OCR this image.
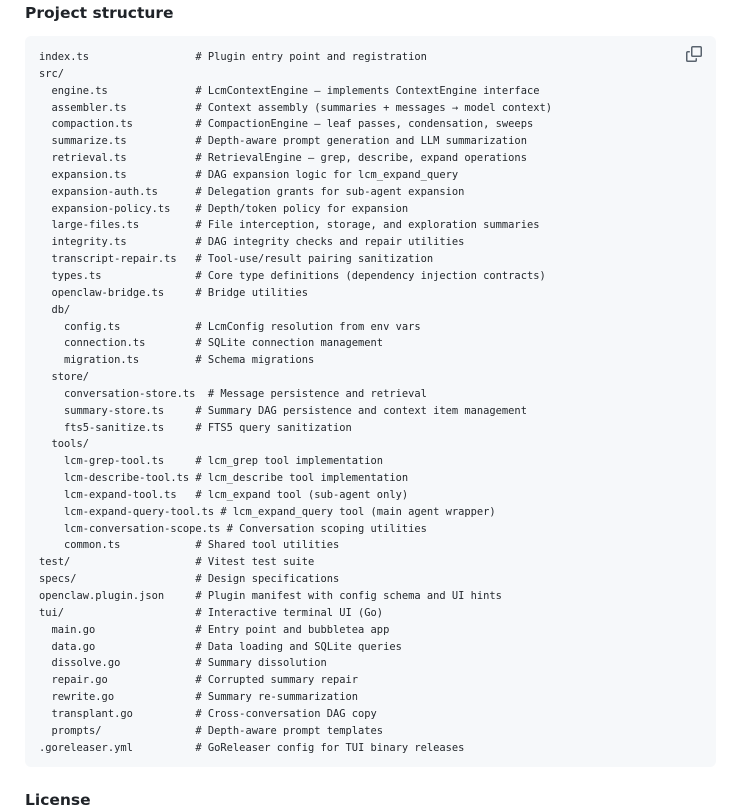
Project structure
index.ts                 # Plugin entry point and registration
src/
engine.ts              # LcmContextEngine — implements ContextEngine interface
assembler.ts           # Context assembly (summaries + messages → model context)
compaction.ts          # CompactionEngine — leaf passes, condensation, sweeps
summarize.ts           # Depth-aware prompt generation and LLM summarization
retrieval.ts           # RetrievalEngine — grep, describe, expand operations
expansion.ts           # DAG expansion logic for lcm_expand_query
expansion-auth.ts      # Delegation grants for sub-agent expansion
expansion-policy.ts    # Depth/token policy for expansion
large-files.ts         # File interception, storage, and exploration summaries
integrity.ts           # DAG integrity checks and repair utilities
transcript-repair.ts   # Tool-use/result pairing sanitization
types.ts               # Core type definitions (dependency injection contracts)
openclaw-bridge.ts     # Bridge utilities
db/
config.ts            # LcmConfig resolution from env vars
connection.ts        # SQLite connection management
migration.ts         # Schema migrations
store/
conversation-store.ts  # Message persistence and retrieval
summary-store.ts     # Summary DAG persistence and context item management
fts5-sanitize.ts     # FTS5 query sanitization
tools/
lcm-grep-tool.ts     # lcm_grep tool implementation
lcm-describe-tool.ts # lcm_describe tool implementation
lcm-expand-tool.ts   # lcm_expand tool (sub-agent only)
lcm-expand-query-tool.ts # lcm_expand_query tool (main agent wrapper)
lcm-conversation-scope.ts # Conversation scoping utilities
common.ts            # Shared tool utilities
test/                    # Vitest test suite
specs/                   # Design specifications
openclaw.plugin.json     # Plugin manifest with config schema and UI hints
tui/                     # Interactive terminal UI (Go)
main.go                # Entry point and bubbletea app
data.go                # Data loading and SQLite queries
dissolve.go            # Summary dissolution
repair.go              # Corrupted summary repair
rewrite.go             # Summary re-summarization
transplant.go          # Cross-conversation DAG copy
prompts/               # Depth-aware prompt templates
.goreleaser.yml          # GoReleaser config for TUI binary releases
License
